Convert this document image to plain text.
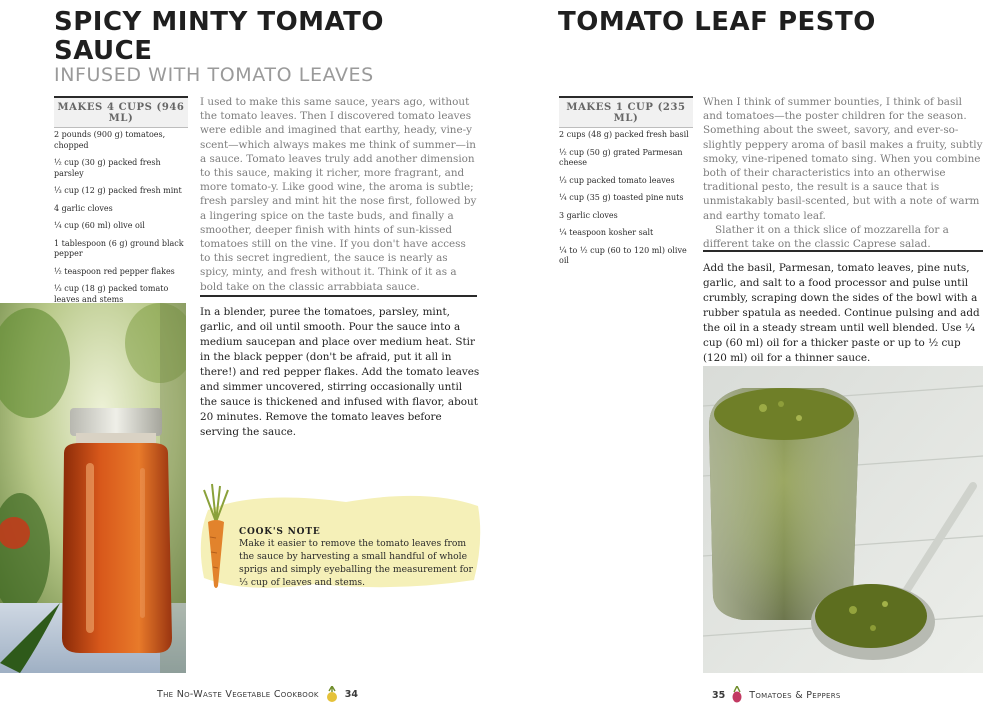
SPICY MINTY TOMATO SAUCE
INFUSED WITH TOMATO LEAVES
MAKES 4 CUPS (946 ML)
2 pounds (900 g) tomatoes, chopped
½ cup (30 g) packed fresh parsley
⅓ cup (12 g) packed fresh mint
4 garlic cloves
¼ cup (60 ml) olive oil
1 tablespoon (6 g) ground black pepper
½ teaspoon red pepper flakes
⅓ cup (18 g) packed tomato leaves and stems

I used to make this same sauce, years ago, without the tomato leaves. Then I discovered tomato leaves were edible and imagined that earthy, heady, vine-y scent—which always makes me think of summer—in a sauce. Tomato leaves truly add another dimension to this sauce, making it richer, more fragrant, and more tomato-y. Like good wine, the aroma is subtle; fresh parsley and mint hit the nose first, followed by a lingering spice on the taste buds, and finally a smoother, deeper finish with hints of sun-kissed tomatoes still on the vine. If you don't have access to this secret ingredient, the sauce is nearly as spicy, minty, and fresh without it. Think of it as a bold take on the classic arrabbiata sauce.

In a blender, puree the tomatoes, parsley, mint, garlic, and oil until smooth. Pour the sauce into a medium saucepan and place over medium heat. Stir in the black pepper (don't be afraid, put it all in there!) and red pepper flakes. Add the tomato leaves and simmer uncovered, stirring occasionally until the sauce is thickened and infused with flavor, about 20 minutes. Remove the tomato leaves before serving the sauce.
COOK'S NOTE
Make it easier to remove the tomato leaves from the sauce by harvesting a small handful of whole sprigs and simply eyeballing the measurement for ⅓ cup of leaves and stems.
The No-Waste Vegetable Cookbook	34
TOMATO LEAF PESTO
MAKES 1 CUP (235 ML)
2 cups (48 g) packed fresh basil
½ cup (50 g) grated Parmesan cheese
⅓ cup packed tomato leaves
¼ cup (35 g) toasted pine nuts
3 garlic cloves
¼ teaspoon kosher salt
¼ to ½ cup (60 to 120 ml) olive oil

When I think of summer bounties, I think of basil and tomatoes—the poster children for the season. Something about the sweet, savory, and ever-so-slightly peppery aroma of basil makes a fruity, subtly smoky, vine-ripened tomato sing. When you combine both of their characteristics into an otherwise traditional pesto, the result is a sauce that is unmistakably basil-scented, but with a note of warm and earthy tomato leaf.

Slather it on a thick slice of mozzarella for a different take on the classic Caprese salad.

Add the basil, Parmesan, tomato leaves, pine nuts, garlic, and salt to a food processor and pulse until crumbly, scraping down the sides of the bowl with a rubber spatula as needed. Continue pulsing and add the oil in a steady stream until well blended. Use ¼ cup (60 ml) oil for a thicker paste or up to ½ cup (120 ml) oil for a thinner sauce.
35	Tomatoes & Peppers
